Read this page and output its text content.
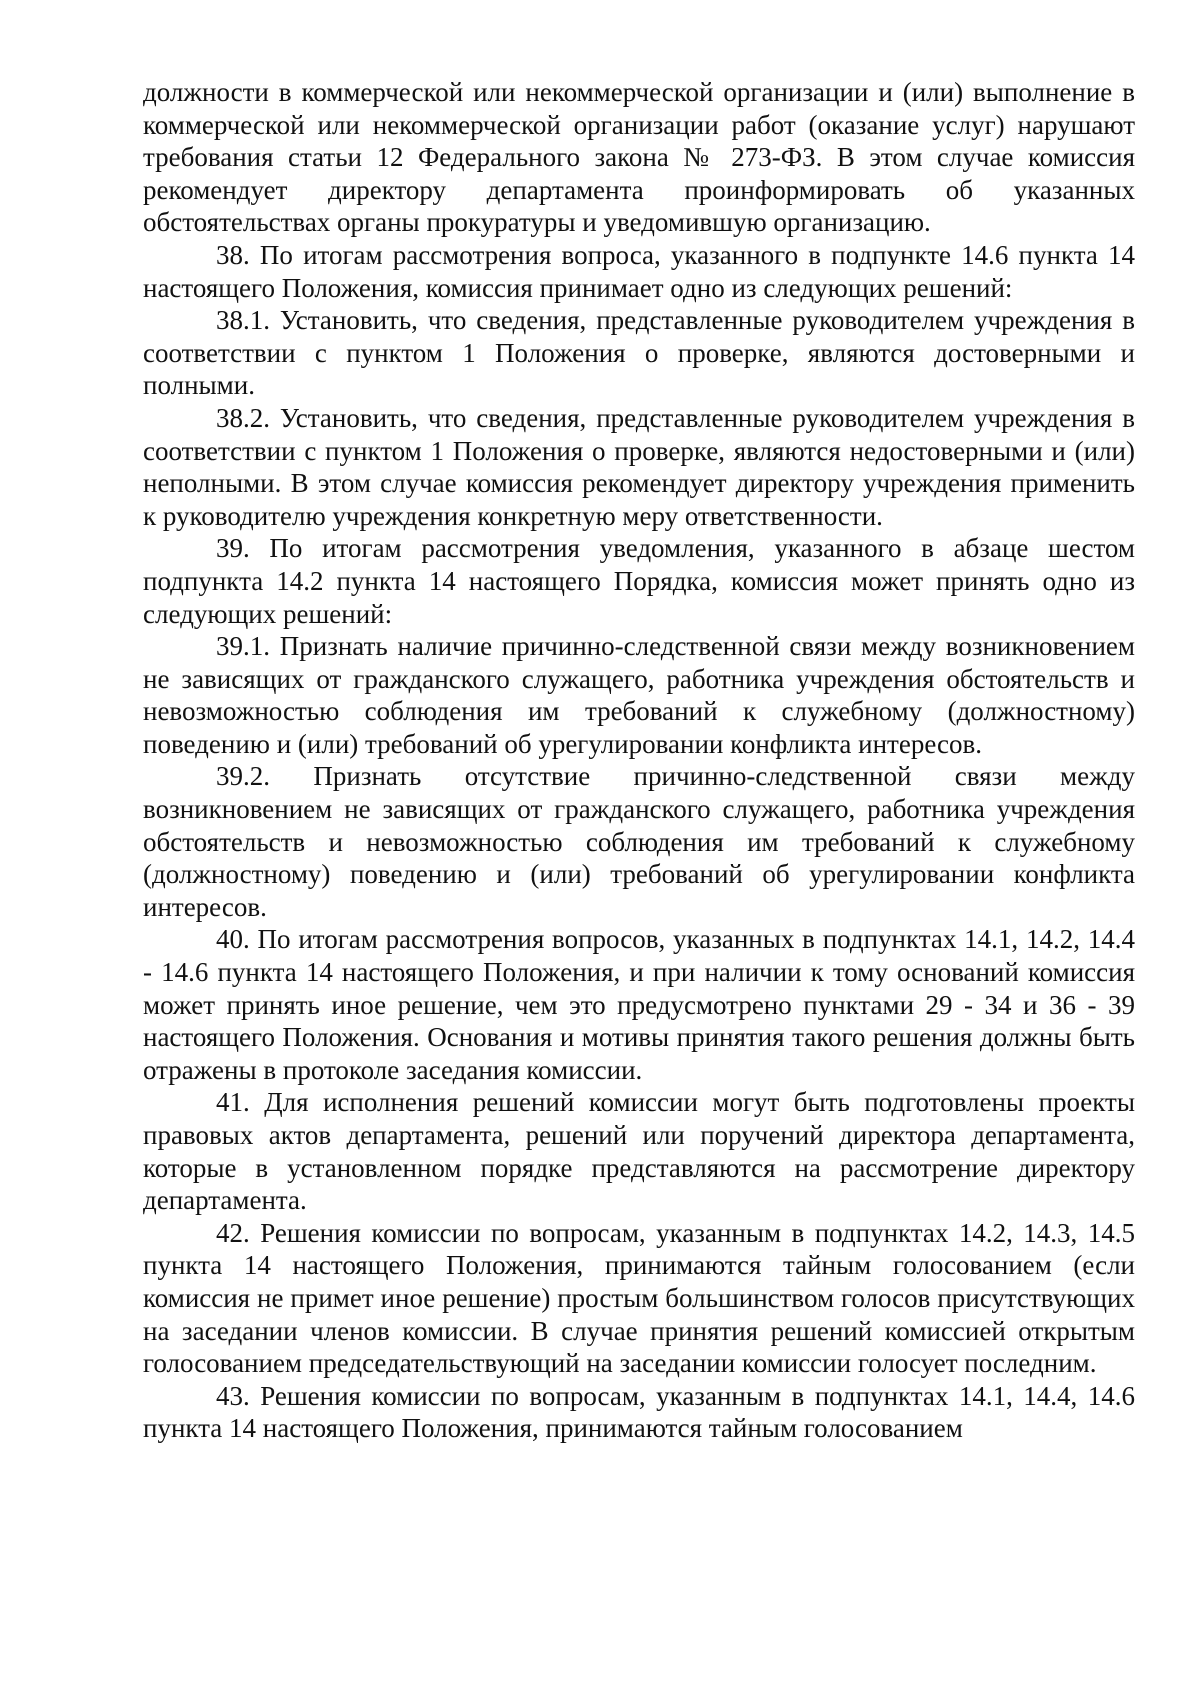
должности в коммерческой или некоммерческой организации и (или) выполнение в коммерческой или некоммерческой организации работ (оказание услуг) нарушают требования статьи 12 Федерального закона № 273-ФЗ. В этом случае комиссия рекомендует директору департамента проинформировать об указанных обстоятельствах органы прокуратуры и уведомившую организацию.

38. По итогам рассмотрения вопроса, указанного в подпункте 14.6 пункта 14 настоящего Положения, комиссия принимает одно из следующих решений:

38.1. Установить, что сведения, представленные руководителем учреждения в соответствии с пунктом 1 Положения о проверке, являются достоверными и полными.

38.2. Установить, что сведения, представленные руководителем учреждения в соответствии с пунктом 1 Положения о проверке, являются недостоверными и (или) неполными. В этом случае комиссия рекомендует директору учреждения применить к руководителю учреждения конкретную меру ответственности.

39. По итогам рассмотрения уведомления, указанного в абзаце шестом подпункта 14.2 пункта 14 настоящего Порядка, комиссия может принять одно из следующих решений:

39.1. Признать наличие причинно-следственной связи между возникновением не зависящих от гражданского служащего, работника учреждения обстоятельств и невозможностью соблюдения им требований к служебному (должностному) поведению и (или) требований об урегулировании конфликта интересов.

39.2. Признать отсутствие причинно-следственной связи между возникновением не зависящих от гражданского служащего, работника учреждения обстоятельств и невозможностью соблюдения им требований к служебному (должностному) поведению и (или) требований об урегулировании конфликта интересов.

40. По итогам рассмотрения вопросов, указанных в подпунктах 14.1, 14.2, 14.4 - 14.6 пункта 14 настоящего Положения, и при наличии к тому оснований комиссия может принять иное решение, чем это предусмотрено пунктами 29 - 34 и 36 - 39 настоящего Положения. Основания и мотивы принятия такого решения должны быть отражены в протоколе заседания комиссии.

41. Для исполнения решений комиссии могут быть подготовлены проекты правовых актов департамента, решений или поручений директора департамента, которые в установленном порядке представляются на рассмотрение директору департамента.

42. Решения комиссии по вопросам, указанным в подпунктах 14.2, 14.3, 14.5 пункта 14 настоящего Положения, принимаются тайным голосованием (если комиссия не примет иное решение) простым большинством голосов присутствующих на заседании членов комиссии. В случае принятия решений комиссией открытым голосованием председательствующий на заседании комиссии голосует последним.

43. Решения комиссии по вопросам, указанным в подпунктах 14.1, 14.4, 14.6 пункта 14 настоящего Положения, принимаются тайным голосованием
